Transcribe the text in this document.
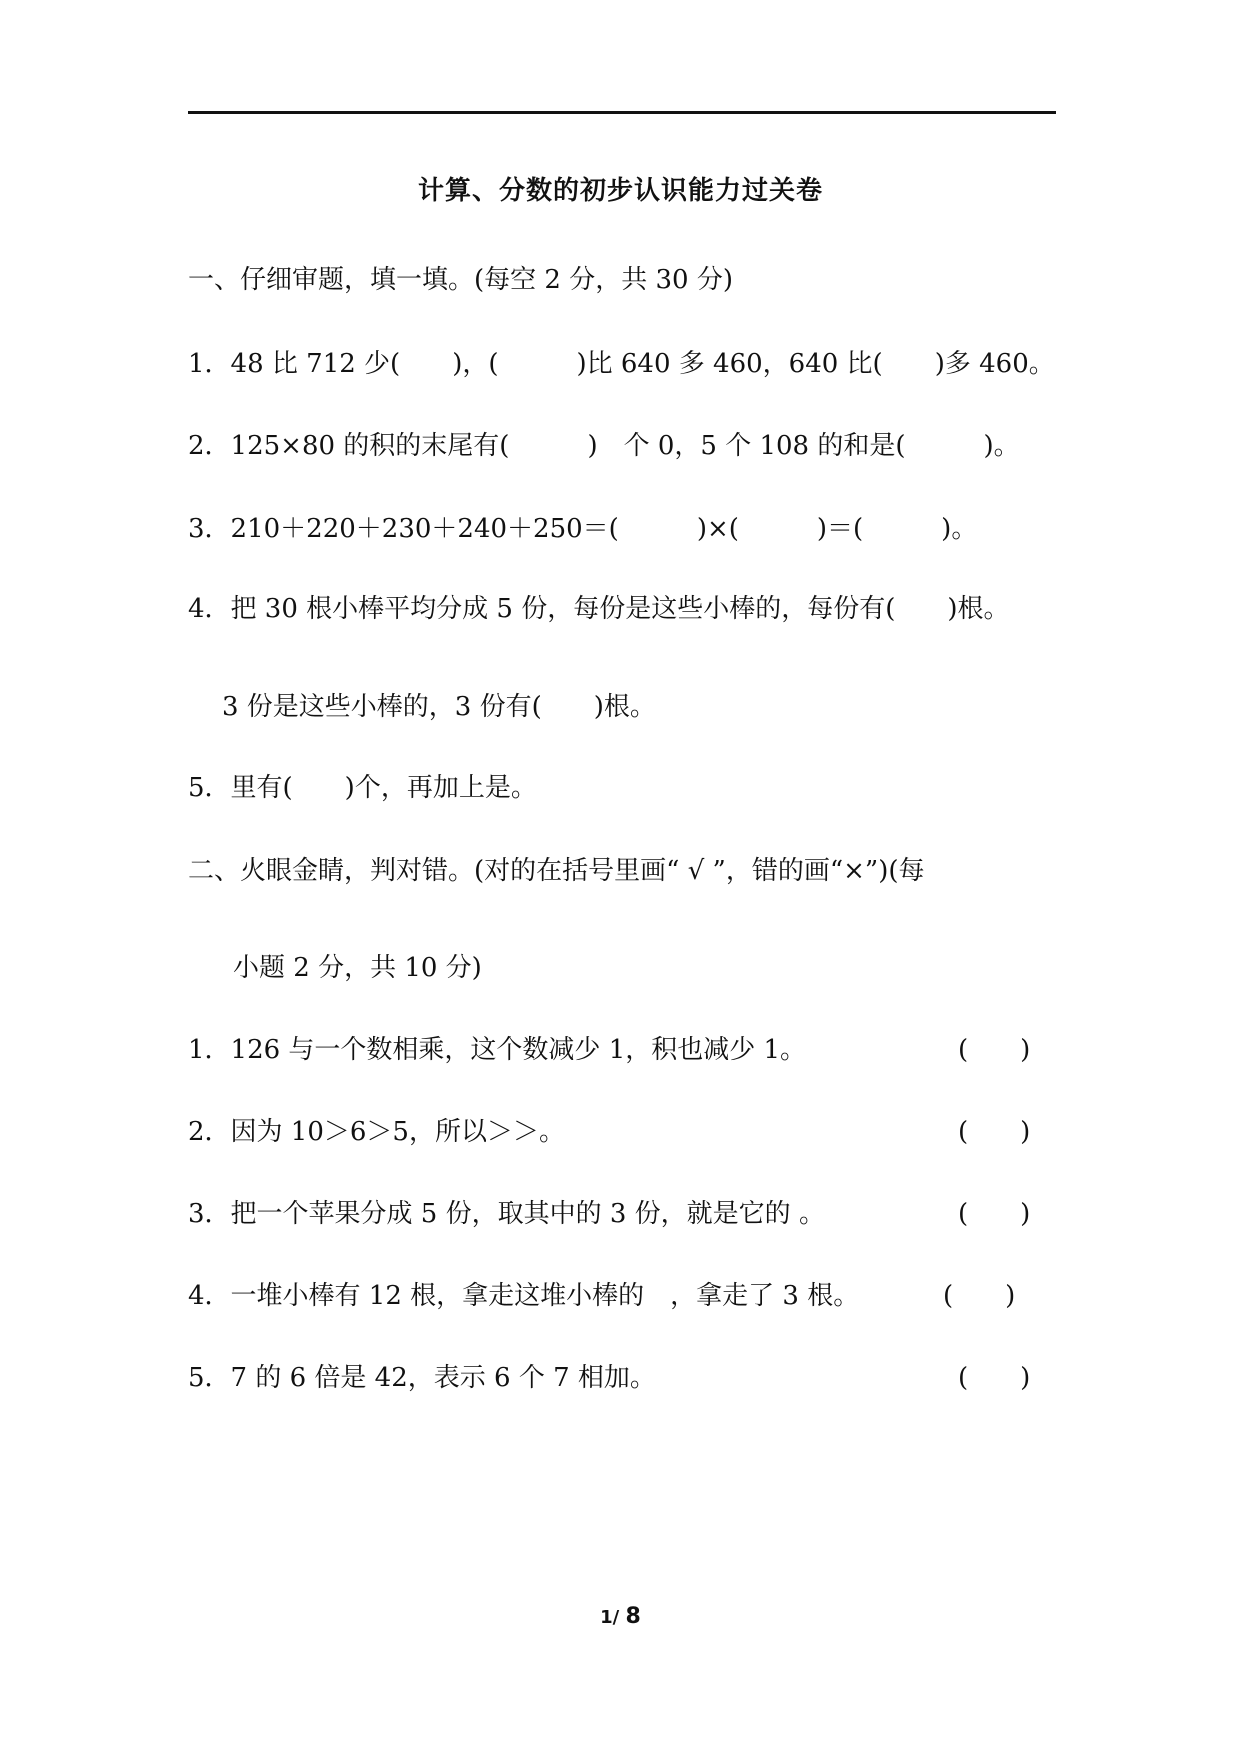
计算、分数的初步认识能力过关卷
一、仔细审题，填一填。(每空 2 分，共 30 分)
1．48 比 712 少(　　)，(　　　)比 640 多 460，640 比(　　)多 460。
2．125×80 的积的末尾有(　　　)　个 0，5 个 108 的和是(　　　)。
3．210＋220＋230＋240＋250＝(　　　)×(　　　)＝(　　　)。
4．把 30 根小棒平均分成 5 份，每份是这些小棒的，每份有(　　)根。
3 份是这些小棒的，3 份有(　　)根。
5．里有(　　)个，再加上是。
二、火眼金睛，判对错。(对的在括号里画“ √ ”，错的画“×”)(每
小题 2 分，共 10 分)
1．126 与一个数相乘，这个数减少 1，积也减少 1。	(　　)
2．因为 10＞6＞5，所以＞＞。	(　　)
3．把一个苹果分成 5 份，取其中的 3 份，就是它的 。	(　　)
4．一堆小棒有 12 根，拿走这堆小棒的　，拿走了 3 根。	(　　)
5．7 的 6 倍是 42，表示 6 个 7 相加。	(　　)
1/ 8
